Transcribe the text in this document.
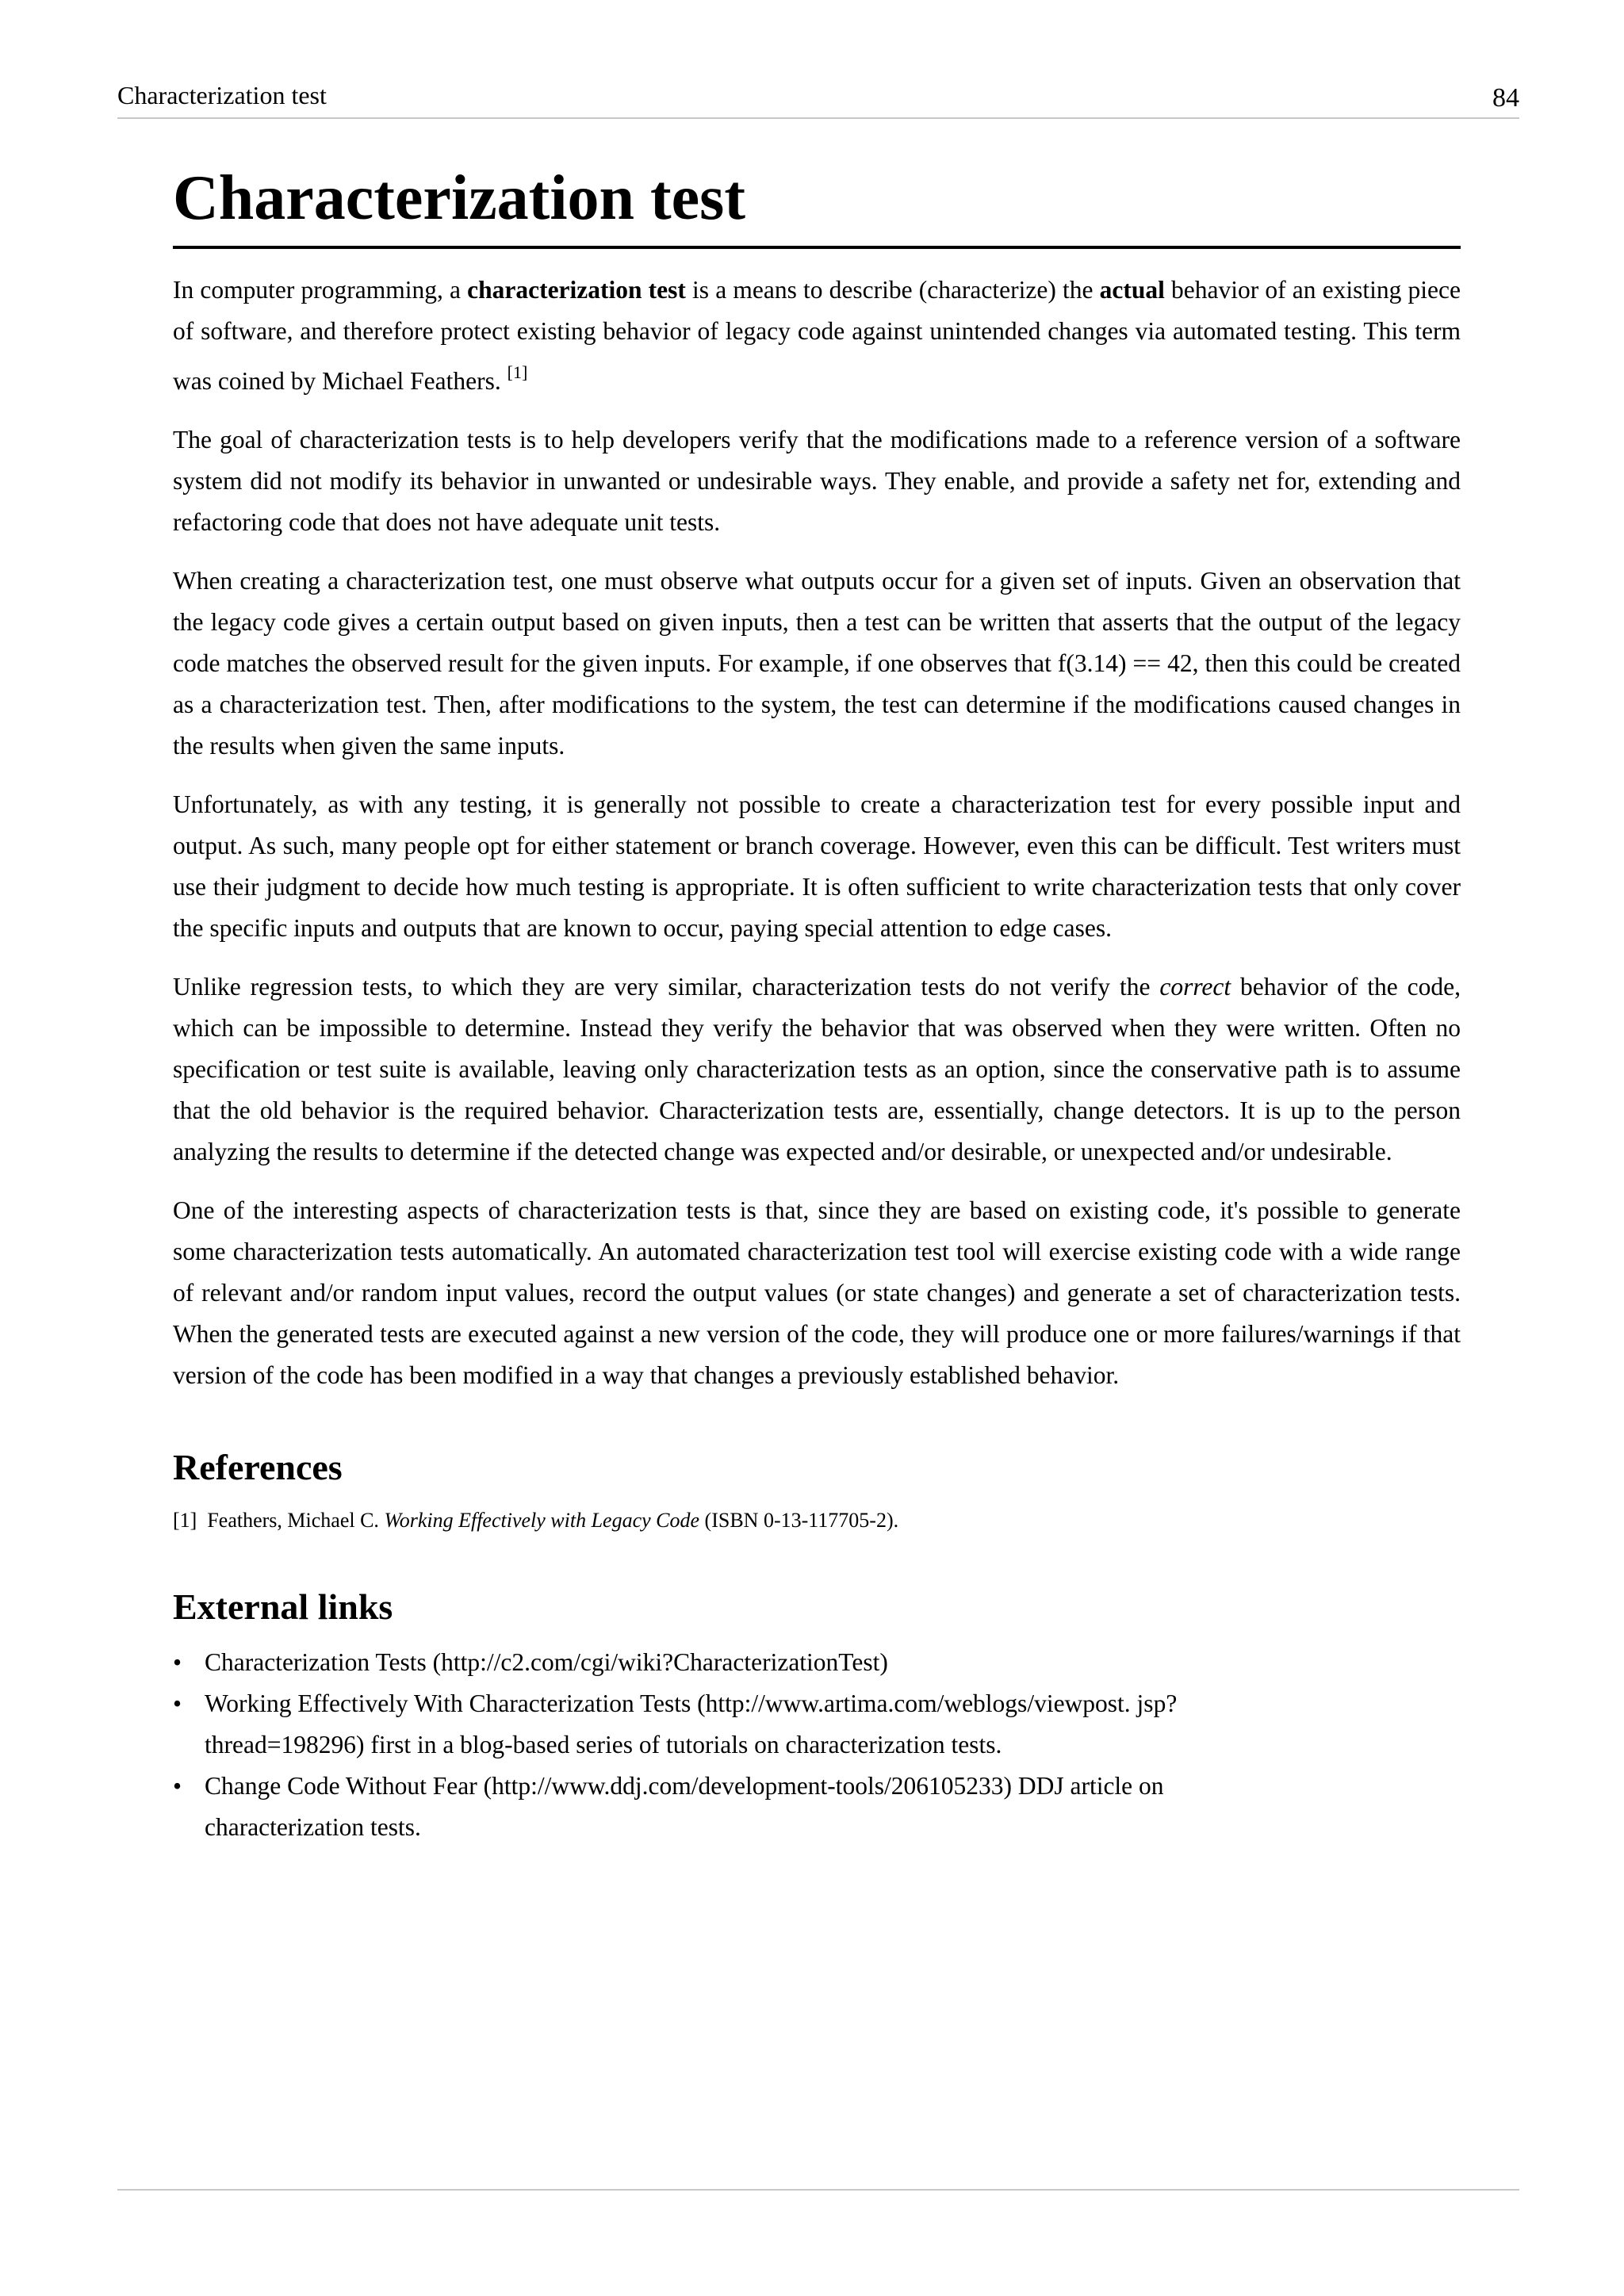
Characterization test	84
Characterization test

In computer programming, a characterization test is a means to describe (characterize) the actual behavior of an existing piece of software, and therefore protect existing behavior of legacy code against unintended changes via automated testing. This term was coined by Michael Feathers. [1]

The goal of characterization tests is to help developers verify that the modifications made to a reference version of a software system did not modify its behavior in unwanted or undesirable ways. They enable, and provide a safety net for, extending and refactoring code that does not have adequate unit tests.

When creating a characterization test, one must observe what outputs occur for a given set of inputs. Given an observation that the legacy code gives a certain output based on given inputs, then a test can be written that asserts that the output of the legacy code matches the observed result for the given inputs. For example, if one observes that f(3.14) == 42, then this could be created as a characterization test. Then, after modifications to the system, the test can determine if the modifications caused changes in the results when given the same inputs.

Unfortunately, as with any testing, it is generally not possible to create a characterization test for every possible input and output. As such, many people opt for either statement or branch coverage. However, even this can be difficult. Test writers must use their judgment to decide how much testing is appropriate. It is often sufficient to write characterization tests that only cover the specific inputs and outputs that are known to occur, paying special attention to edge cases.

Unlike regression tests, to which they are very similar, characterization tests do not verify the correct behavior of the code, which can be impossible to determine. Instead they verify the behavior that was observed when they were written. Often no specification or test suite is available, leaving only characterization tests as an option, since the conservative path is to assume that the old behavior is the required behavior. Characterization tests are, essentially, change detectors. It is up to the person analyzing the results to determine if the detected change was expected and/or desirable, or unexpected and/or undesirable.

One of the interesting aspects of characterization tests is that, since they are based on existing code, it's possible to generate some characterization tests automatically. An automated characterization test tool will exercise existing code with a wide range of relevant and/or random input values, record the output values (or state changes) and generate a set of characterization tests. When the generated tests are executed against a new version of the code, they will produce one or more failures/warnings if that version of the code has been modified in a way that changes a previously established behavior.

References
[1] Feathers, Michael C. Working Effectively with Legacy Code (ISBN 0-13-117705-2).
External links
• Characterization Tests (http://c2.com/cgi/wiki?CharacterizationTest)
• Working Effectively With Characterization Tests (http://www.artima.com/weblogs/viewpost. jsp?thread=198296) first in a blog-based series of tutorials on characterization tests.
• Change Code Without Fear (http://www.ddj.com/development-tools/206105233) DDJ article on characterization tests.
